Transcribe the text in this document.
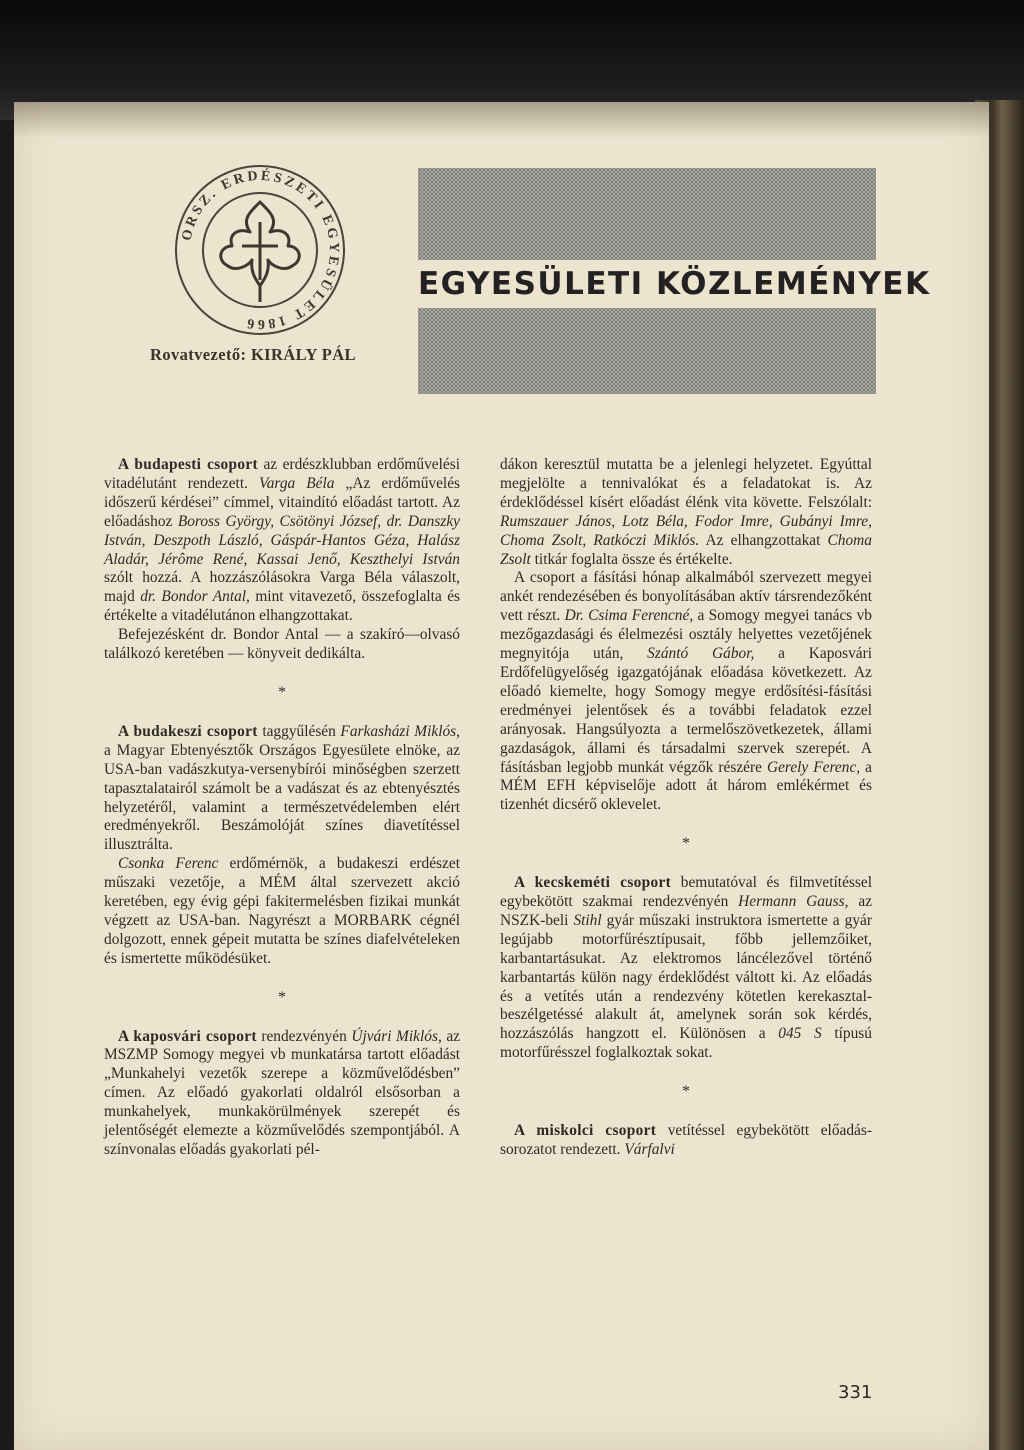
ORSZ. ERDÉSZETI EGYESÜLET 1866
Rovatvezető: KIRÁLY PÁL
EGYESÜLETI KÖZLEMÉNYEK

A budapesti csoport az erdészklubban erdőművelési vitadélutánt rendezett. Varga Béla „Az erdőművelés időszerű kérdései” címmel, vitaindító előadást tartott. Az előadáshoz Boross György, Csötönyi József, dr. Danszky István, Deszpoth László, Gáspár-Hantos Géza, Halász Aladár, Jérôme René, Kassai Jenő, Keszthelyi István szólt hozzá. A hozzászólásokra Varga Béla válaszolt, majd dr. Bondor Antal, mint vitavezető, összefoglalta és értékelte a vitadélutánon elhangzottakat.

Befejezésként dr. Bondor Antal — a szakíró—olvasó találkozó keretében — könyveit dedikálta.

*

A budakeszi csoport taggyűlésén Farkasházi Miklós, a Magyar Ebtenyésztők Országos Egyesülete elnöke, az USA-ban vadászkutya-versenybírói minőségben szerzett tapasztalatairól számolt be a vadászat és az ebtenyésztés helyzetéről, valamint a természetvédelemben elért eredményekről. Beszámolóját színes diavetítéssel illusztrálta.

Csonka Ferenc erdőmérnök, a budakeszi erdészet műszaki vezetője, a MÉM által szervezett akció keretében, egy évig gépi fakitermelésben fizikai munkát végzett az USA-ban. Nagyrészt a MORBARK cégnél dolgozott, ennek gépeit mutatta be színes diafelvételeken és ismertette működésüket.

*

A kaposvári csoport rendezvényén Újvári Miklós, az MSZMP Somogy megyei vb munkatársa tartott előadást „Munkahelyi vezetők szerepe a közművelődésben” címen. Az előadó gyakorlati oldalról elsősorban a munkahelyek, munkakörülmények szerepét és jelentőségét elemezte a közművelődés szempontjából. A színvonalas előadás gyakorlati pél-

dákon keresztül mutatta be a jelenlegi helyzetet. Egyúttal megjelölte a tennivalókat és a feladatokat is. Az érdeklődéssel kísért előadást élénk vita követte. Felszólalt: Rumszauer János, Lotz Béla, Fodor Imre, Gubányi Imre, Choma Zsolt, Ratkóczi Miklós. Az elhangzottakat Choma Zsolt titkár foglalta össze és értékelte.

A csoport a fásítási hónap alkalmából szervezett megyei ankét rendezésében és bonyolításában aktív társrendezőként vett részt. Dr. Csima Ferencné, a Somogy megyei tanács vb mezőgazdasági és élelmezési osztály helyettes vezetőjének megnyitója után, Szántó Gábor, a Kaposvári Erdőfelügyelőség igazgatójának előadása következett. Az előadó kiemelte, hogy Somogy megye erdősítési-fásítási eredményei jelentősek és a további feladatok ezzel arányosak. Hangsúlyozta a termelőszövetkezetek, állami gazdaságok, állami és társadalmi szervek szerepét. A fásításban legjobb munkát végzők részére Gerely Ferenc, a MÉM EFH képviselője adott át három emlékérmet és tizenhét dicsérő oklevelet.

*

A kecskeméti csoport bemutatóval és filmvetítéssel egybekötött szakmai rendezvényén Hermann Gauss, az NSZK-beli Stihl gyár műszaki instruktora ismertette a gyár legújabb motorfűrésztípusait, főbb jellemzőiket, karbantartásukat. Az elektromos láncélezővel történő karbantartás külön nagy érdeklődést váltott ki. Az előadás és a vetítés után a rendezvény kötetlen kerekasztal-beszélgetéssé alakult át, amelynek során sok kérdés, hozzászólás hangzott el. Különösen a 045 S típusú motorfűrésszel foglalkoztak sokat.

*

A miskolci csoport vetítéssel egybekötött előadás-sorozatot rendezett. Várfalvi

331
